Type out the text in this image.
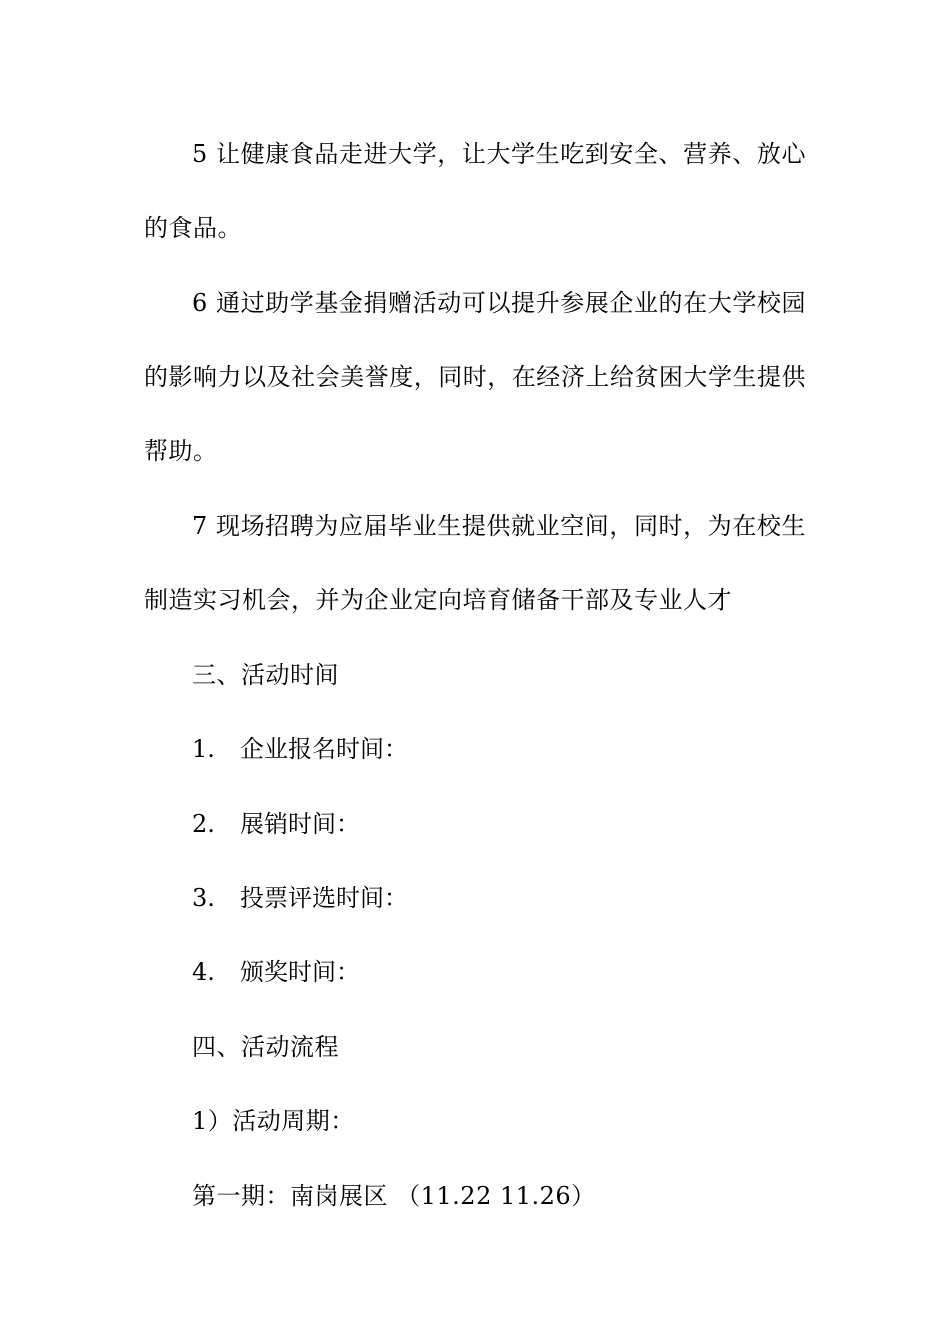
5 让健康食品走进大学，让大学生吃到安全、营养、放心
的食品。
6 通过助学基金捐赠活动可以提升参展企业的在大学校园
的影响力以及社会美誉度，同时，在经济上给贫困大学生提供
帮助。
7 现场招聘为应届毕业生提供就业空间，同时，为在校生
制造实习机会，并为企业定向培育储备干部及专业人才
三、活动时间
1. 企业报名时间：
2. 展销时间：
3. 投票评选时间：
4. 颁奖时间：
四、活动流程
1）活动周期：
第一期：南岗展区 （11.22 11.26）
